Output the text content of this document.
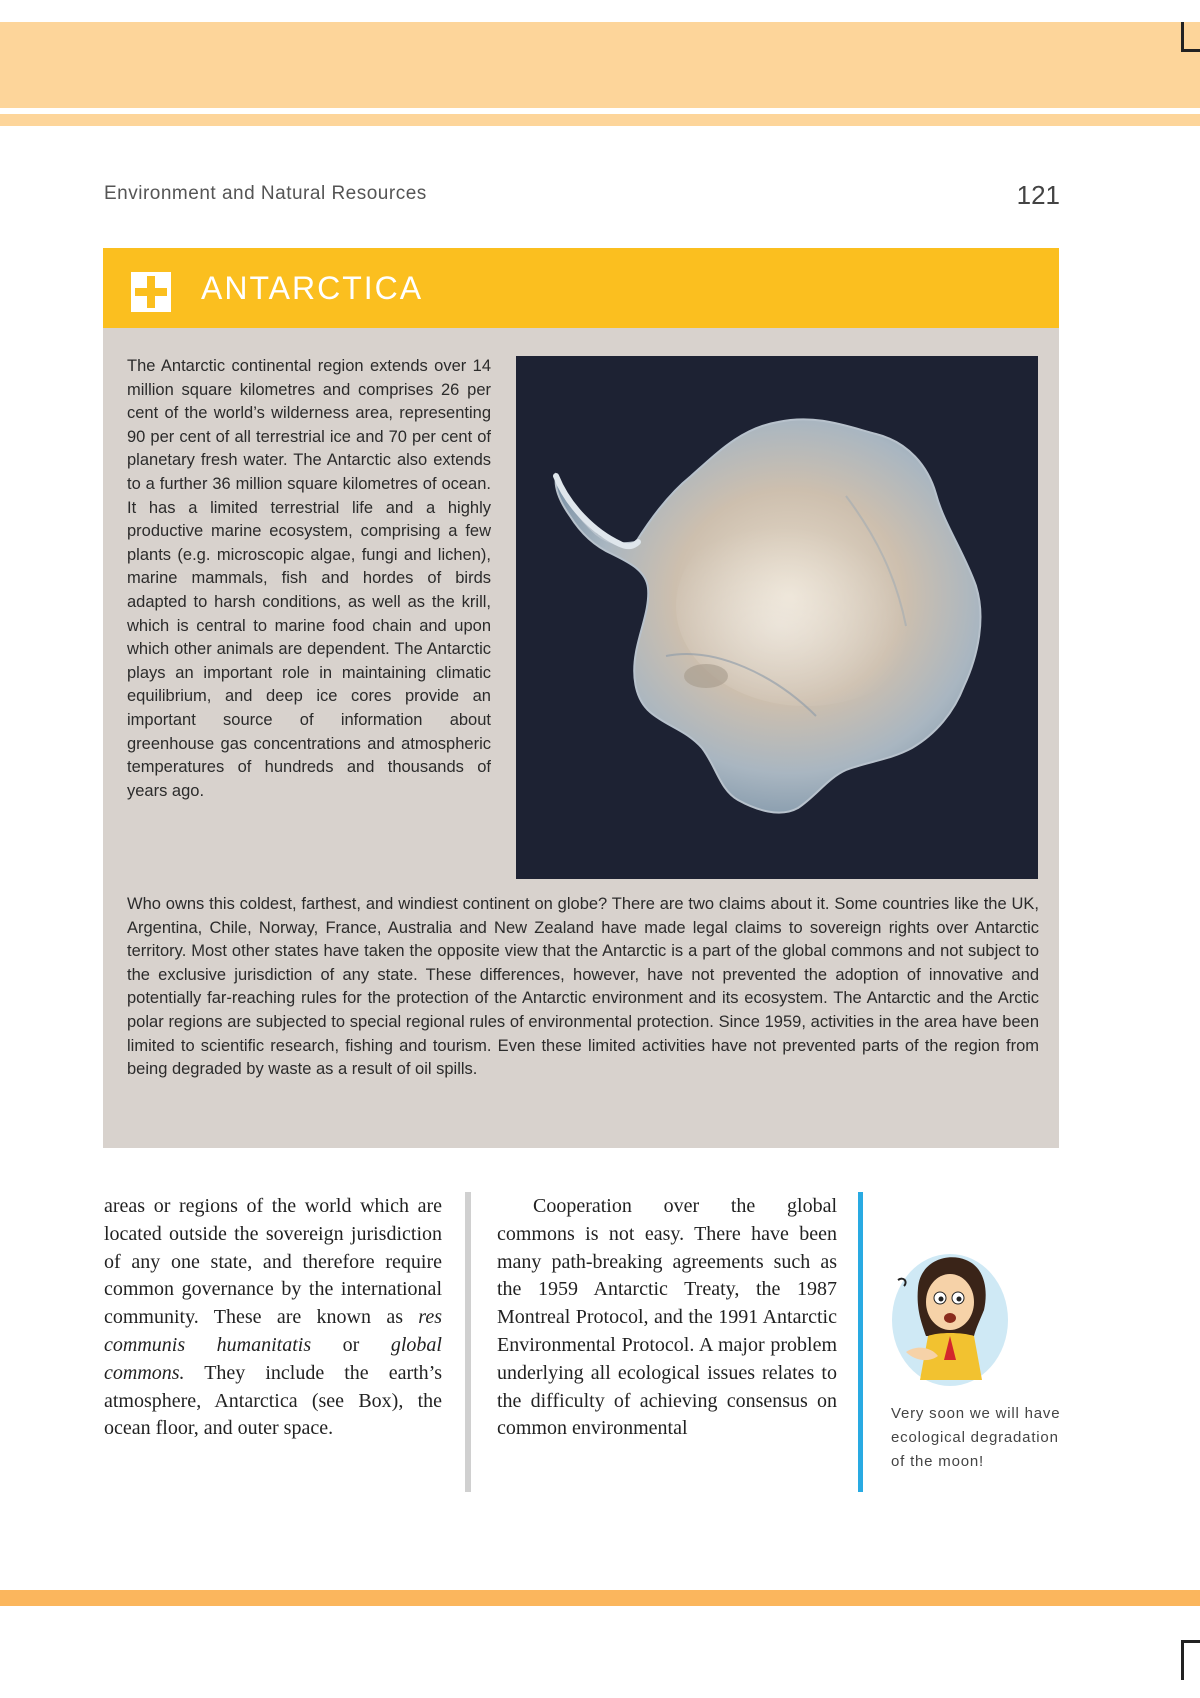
Environment and Natural Resources	121
ANTARCTICA
The Antarctic continental region extends over 14 million square kilometres and comprises 26 per cent of the world’s wilderness area, representing 90 per cent of all terrestrial ice and 70 per cent of planetary fresh water. The Antarctic also extends to a further 36 million square kilometres of ocean. It has a limited terrestrial life and a highly productive marine ecosystem, comprising a few plants (e.g. microscopic algae, fungi and lichen), marine mammals, fish and hordes of birds adapted to harsh conditions, as well as the krill, which is central to marine food chain and upon which other animals are dependent. The Antarctic plays an important role in maintaining climatic equilibrium, and deep ice cores provide an important source of information about greenhouse gas concentrations and atmospheric temperatures of hundreds and thousands of years ago.
Who owns this coldest, farthest, and windiest continent on globe? There are two claims about it. Some countries like the UK, Argentina, Chile, Norway, France, Australia and New Zealand have made legal claims to sovereign rights over Antarctic territory. Most other states have taken the opposite view that the Antarctic is a part of the global commons and not subject to the exclusive jurisdiction of any state. These differences, however, have not prevented the adoption of innovative and potentially far-reaching rules for the protection of the Antarctic environment and its ecosystem. The Antarctic and the Arctic polar regions are subjected to special regional rules of environmental protection. Since 1959, activities in the area have been limited to scientific research, fishing and tourism. Even these limited activities have not prevented parts of the region from being degraded by waste as a result of oil spills.
areas or regions of the world which are located outside the sovereign jurisdiction of any one state, and therefore require common governance by the international community. These are known as res communis humanitatis or global commons. They include the earth’s atmosphere, Antarctica (see Box), the ocean floor, and outer space.
Cooperation over the global commons is not easy. There have been many path-breaking agreements such as the 1959 Antarctic Treaty, the 1987 Montreal Protocol, and the 1991 Antarctic Environmental Protocol. A major problem underlying all ecological issues relates to the difficulty of achieving consensus on common environmental
Very soon we will have ecological degradation of the moon!
